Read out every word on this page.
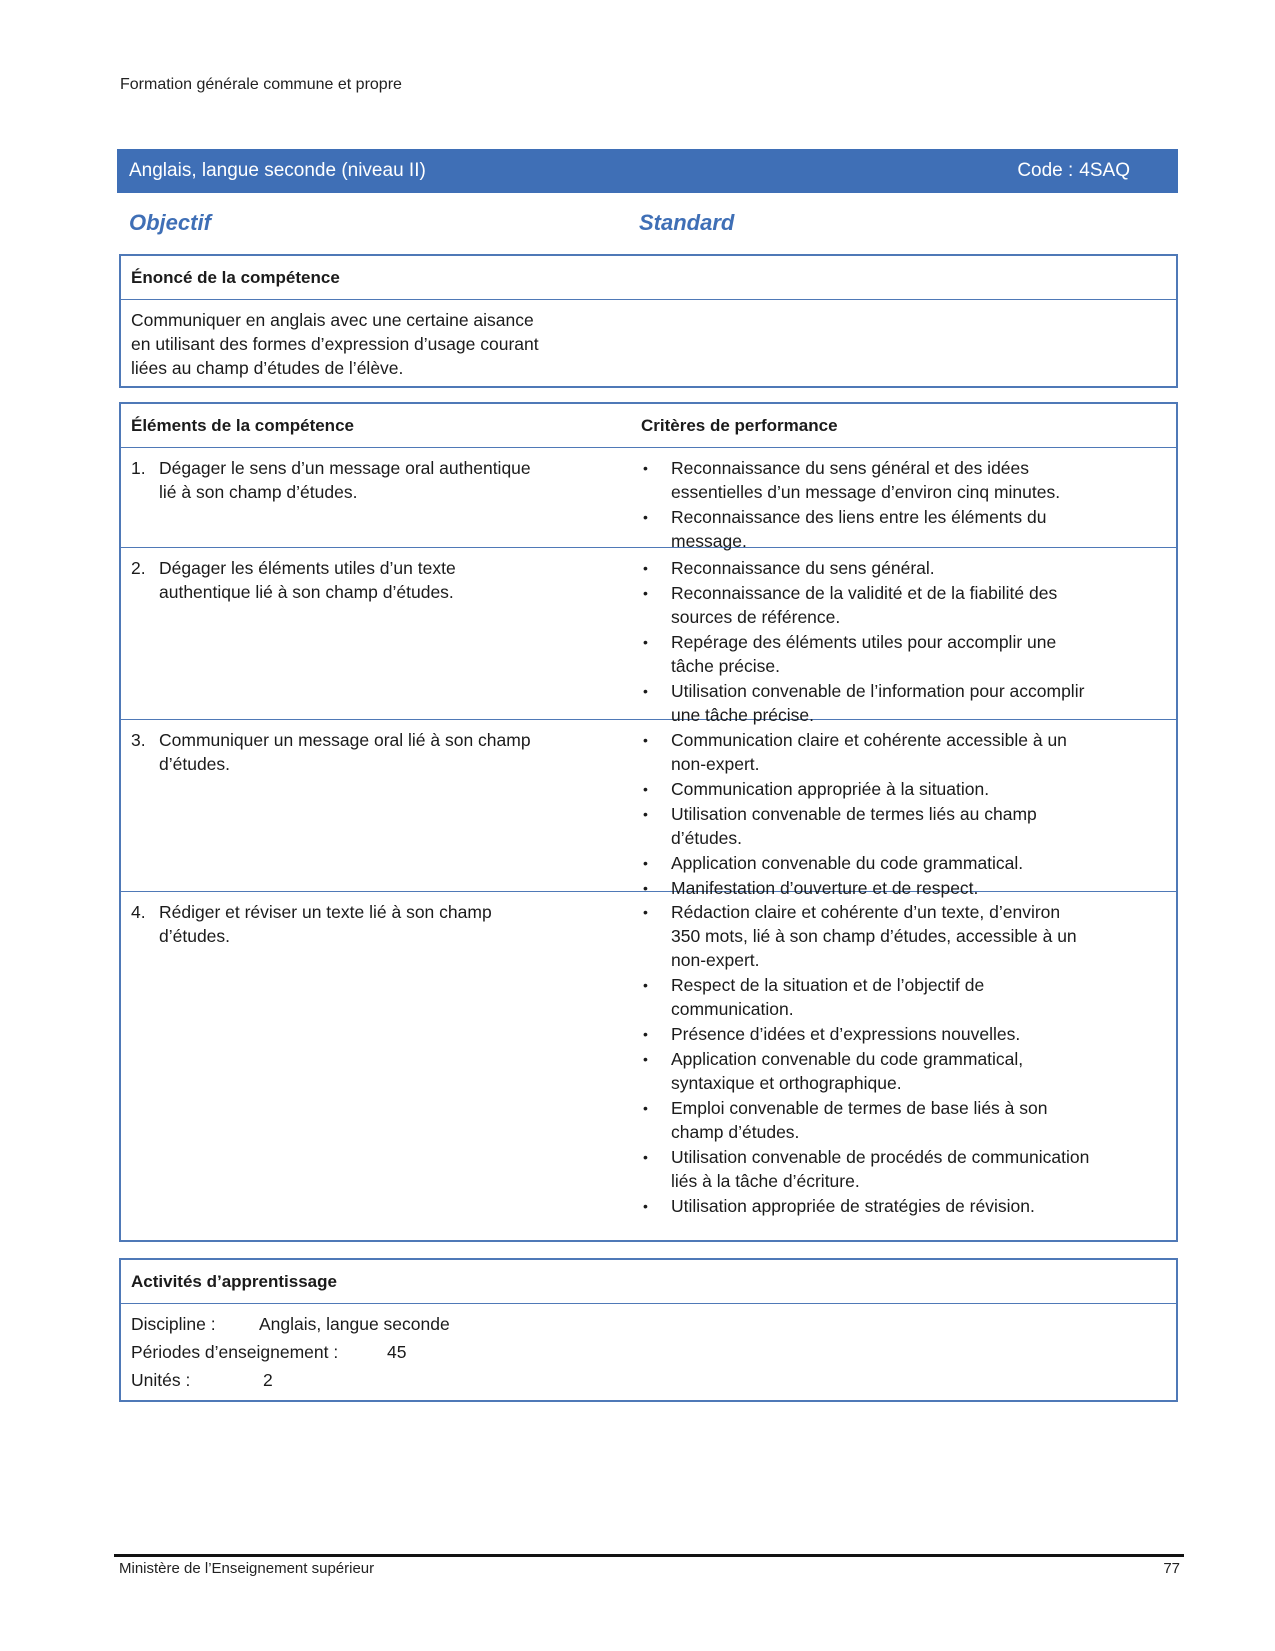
Formation générale commune et propre
Anglais, langue seconde (niveau II)	Code : 4SAQ
Objectif	Standard
Énoncé de la compétence
Communiquer en anglais avec une certaine aisance
en utilisant des formes d’expression d’usage courant
liées au champ d’études de l’élève.
Éléments de la compétence	Critères de performance
1. Dégager le sens d’un message oral authentique
lié à son champ d’études.
•	Reconnaissance du sens général et des idées
essentielles d’un message d’environ cinq minutes.
•	Reconnaissance des liens entre les éléments du
message.
2. Dégager les éléments utiles d’un texte
authentique lié à son champ d’études.
•	Reconnaissance du sens général.
•	Reconnaissance de la validité et de la fiabilité des
sources de référence.
•	Repérage des éléments utiles pour accomplir une
tâche précise.
•	Utilisation convenable de l’information pour accomplir
une tâche précise.
3. Communiquer un message oral lié à son champ
d’études.
•	Communication claire et cohérente accessible à un
non-expert.
•	Communication appropriée à la situation.
•	Utilisation convenable de termes liés au champ
d’études.
•	Application convenable du code grammatical.
•	Manifestation d’ouverture et de respect.
4. Rédiger et réviser un texte lié à son champ
d’études.
•	Rédaction claire et cohérente d’un texte, d’environ
350 mots, lié à son champ d’études, accessible à un
non-expert.
•	Respect de la situation et de l’objectif de
communication.
•	Présence d’idées et d’expressions nouvelles.
•	Application convenable du code grammatical,
syntaxique et orthographique.
•	Emploi convenable de termes de base liés à son
champ d’études.
•	Utilisation convenable de procédés de communication
liés à la tâche d’écriture.
•	Utilisation appropriée de stratégies de révision.
Activités d’apprentissage
Discipline :	Anglais, langue seconde
Périodes d’enseignement :	45
Unités :	2
Ministère de l’Enseignement supérieur	77
